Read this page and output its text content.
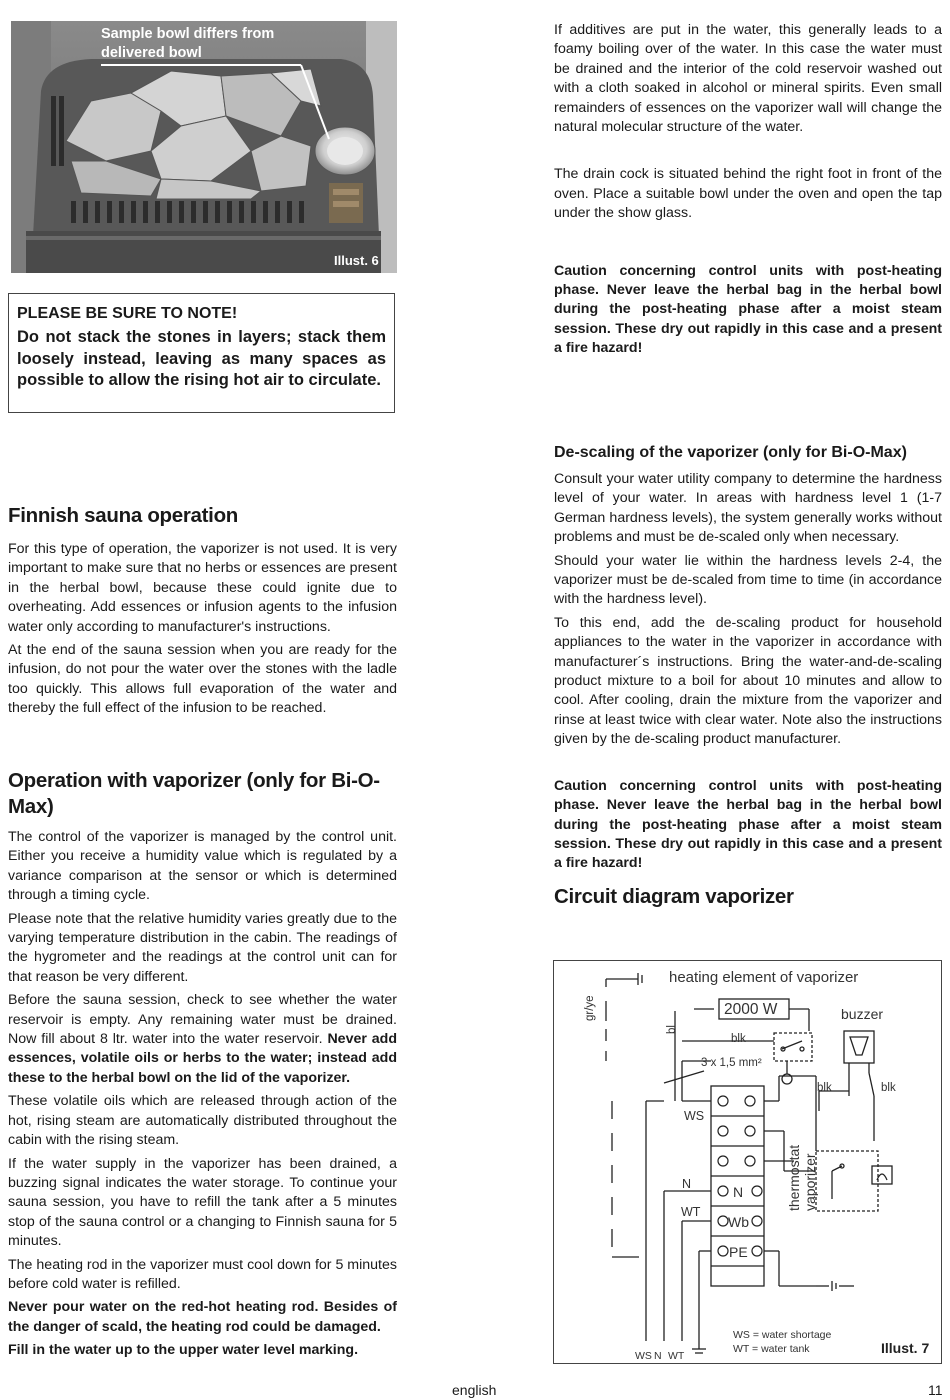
Sample bowl differs from
delivered bowl
Illust. 6
PLEASE BE SURE TO NOTE!
Do not stack the stones in layers; stack them loosely instead, leaving as many spaces as possible to allow the rising hot air to circulate.
Finnish sauna operation

For this type of operation, the vaporizer is not used. It is very important to make sure that no herbs or essences are present in the herbal bowl, because these could ignite due to overheating. Add essences or infusion agents to the infusion water only according to manufacturer's instructions.

At the end of the sauna session when you are ready for the infusion, do not pour the water over the stones with the ladle too quickly. This allows full evaporation of the water and thereby the full effect of the infusion to be reached.

Operation with vaporizer (only for Bi-O-Max)

The control of the vaporizer is managed by the control unit. Either you receive a humidity value which is regulated by a variance comparison at the sensor or which is determined through a timing cycle.

Please note that the relative humidity varies greatly due to the varying temperature distribution in the cabin. The readings of the hygrometer and the readings at the control unit can for that reason be very different.

Before the sauna session, check to see whether the water reservoir is empty. Any remaining water must be drained. Now fill about 8 ltr. water into the water reservoir. Never add essences, volatile oils or herbs to the water; instead add these to the herbal bowl on the lid of the vaporizer.

These volatile oils which are released through action of the hot, rising steam are automatically distributed throughout the cabin with the rising steam.

If the water supply in the vaporizer has been drained, a buzzing signal indicates the water storage. To continue your sauna session, you have to refill the tank after a 5 minutes stop of the sauna control or a changing to Finnish sauna for 5 minutes.

The heating rod in the vaporizer must cool down for 5 minutes before cold water is refilled.

Never pour water on the red-hot heating rod. Besides of the danger of scald, the heating rod could be damaged.

Fill in the water up to the upper water level marking.

If additives are put in the water, this generally leads to a foamy boiling over of the water. In this case the water must be drained and the interior of the cold reservoir washed out with a cloth soaked in alcohol or mineral spirits. Even small remainders of essences on the vaporizer wall will change the natural molecular structure of the water.

The drain cock is situated behind the right foot in front of the oven. Place a suitable bowl under the oven and open the tap under the show glass.

Caution concerning control units with post-heating phase. Never leave the herbal bag in the herbal bowl during the post-heating phase after a moist steam session. These dry out rapidly in this case and a present a fire hazard!

De-scaling of the vaporizer (only for Bi-O-Max)

Consult your water utility company to determine the hardness level of your water. In areas with hardness level 1 (1-7 German hardness levels), the system generally works without problems and must be de-scaled only when necessary.

Should your water lie within the hardness levels 2-4, the vaporizer must be de-scaled from time to time (in accordance with the hardness level).

To this end, add the de-scaling product for household appliances to the water in the vaporizer in accordance with manufacturer´s instructions. Bring the water-and-de-scaling product mixture to a boil for about 10 minutes and allow to cool. After cooling, drain the mixture from the vaporizer and rinse at least twice with clear water. Note also the instructions given by the de-scaling product manufacturer.

Caution concerning control units with post-heating phase. Never leave the herbal bag in the herbal bowl during the post-heating phase after a moist steam session. These dry out rapidly in this case and a present a fire hazard!

Circuit diagram vaporizer
heating element of vaporizer
2000 W	buzzer
gr/ye
bl
blk
3 x 1,5 mm²
blk	blk
WS
N
WT
N
Wb
PE
thermostat vaporizer
WS = water shortage
WT = water tank
WS N WT	Illust. 7
english	11
